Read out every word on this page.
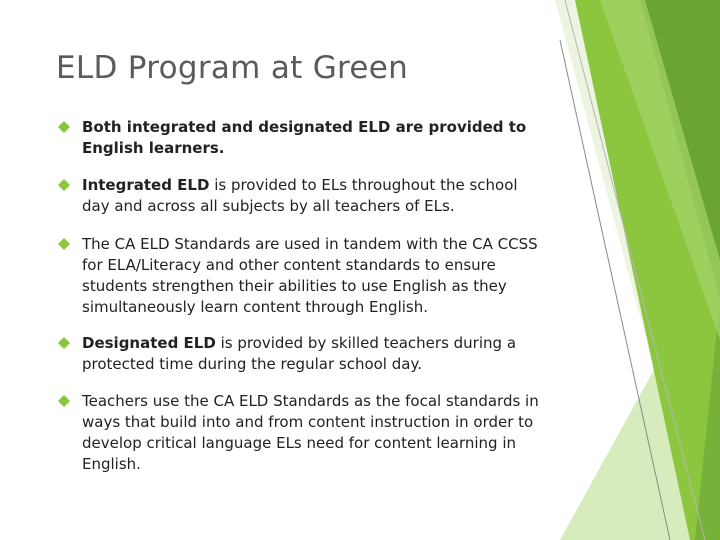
ELD Program at Green
Both integrated and designated ELD are provided to English learners.
Integrated ELD is provided to ELs throughout the school day and across all subjects by all teachers of ELs.
The CA ELD Standards are used in tandem with the CA CCSS for ELA/Literacy and other content standards to ensure students strengthen their abilities to use English as they simultaneously learn content through English.
Designated ELD is provided by skilled teachers during a protected time during the regular school day.
Teachers use the CA ELD Standards as the focal standards in ways that build into and from content instruction in order to develop critical language ELs need for content learning in English.
